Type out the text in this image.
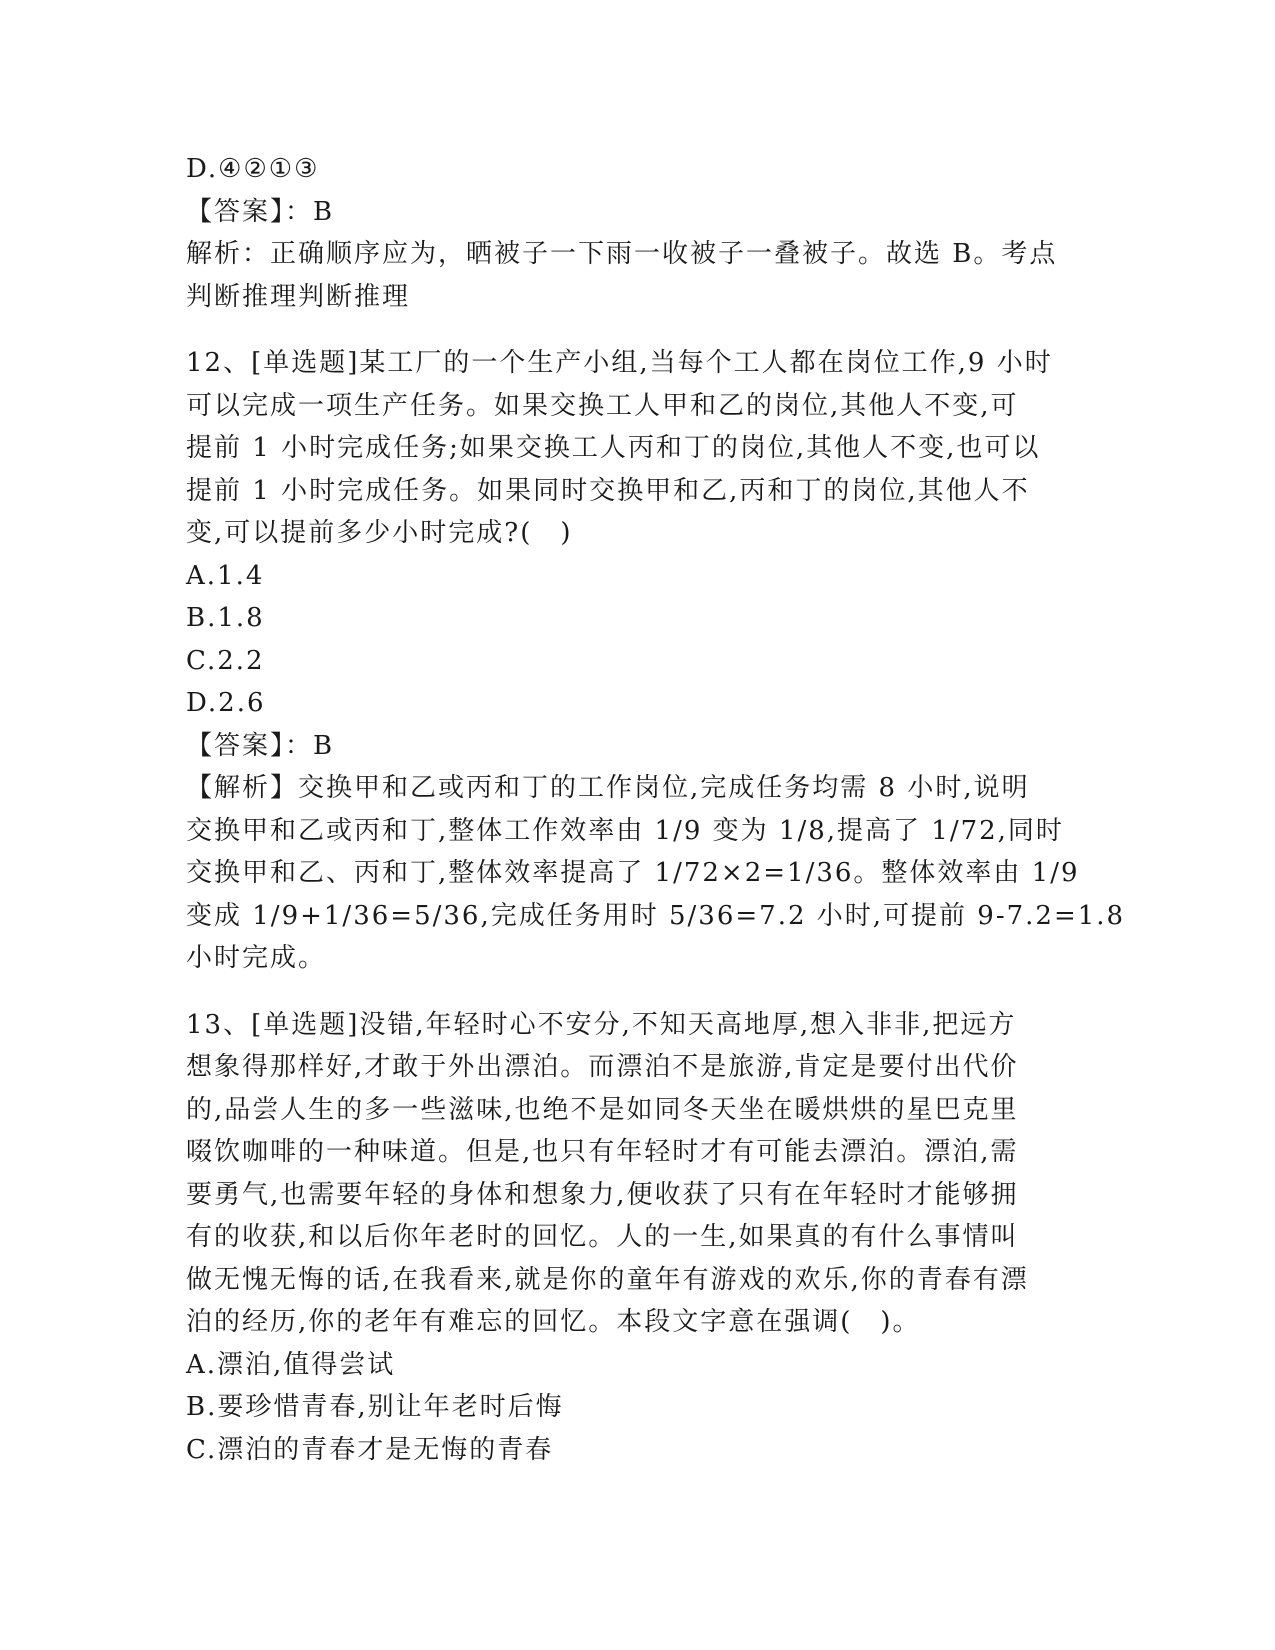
D.④②①③
【答案】：B
解析：正确顺序应为，晒被子一下雨一收被子一叠被子。故选 B。考点
判断推理判断推理
12、[单选题]某工厂的一个生产小组,当每个工人都在岗位工作,9 小时
可以完成一项生产任务。如果交换工人甲和乙的岗位,其他人不变,可
提前 1 小时完成任务;如果交换工人丙和丁的岗位,其他人不变,也可以
提前 1 小时完成任务。如果同时交换甲和乙,丙和丁的岗位,其他人不
变,可以提前多少小时完成?(　)
A.1.4
B.1.8
C.2.2
D.2.6
【答案】：B
【解析】交换甲和乙或丙和丁的工作岗位,完成任务均需 8 小时,说明
交换甲和乙或丙和丁,整体工作效率由 1/9 变为 1/8,提高了 1/72,同时
交换甲和乙、丙和丁,整体效率提高了 1/72×2=1/36。整体效率由 1/9
变成 1/9+1/36=5/36,完成任务用时 5/36=7.2 小时,可提前 9-7.2=1.8
小时完成。
13、[单选题]没错,年轻时心不安分,不知天高地厚,想入非非,把远方
想象得那样好,才敢于外出漂泊。而漂泊不是旅游,肯定是要付出代价
的,品尝人生的多一些滋味,也绝不是如同冬天坐在暖烘烘的星巴克里
啜饮咖啡的一种味道。但是,也只有年轻时才有可能去漂泊。漂泊,需
要勇气,也需要年轻的身体和想象力,便收获了只有在年轻时才能够拥
有的收获,和以后你年老时的回忆。人的一生,如果真的有什么事情叫
做无愧无悔的话,在我看来,就是你的童年有游戏的欢乐,你的青春有漂
泊的经历,你的老年有难忘的回忆。本段文字意在强调(　)。
A.漂泊,值得尝试
B.要珍惜青春,别让年老时后悔
C.漂泊的青春才是无悔的青春
